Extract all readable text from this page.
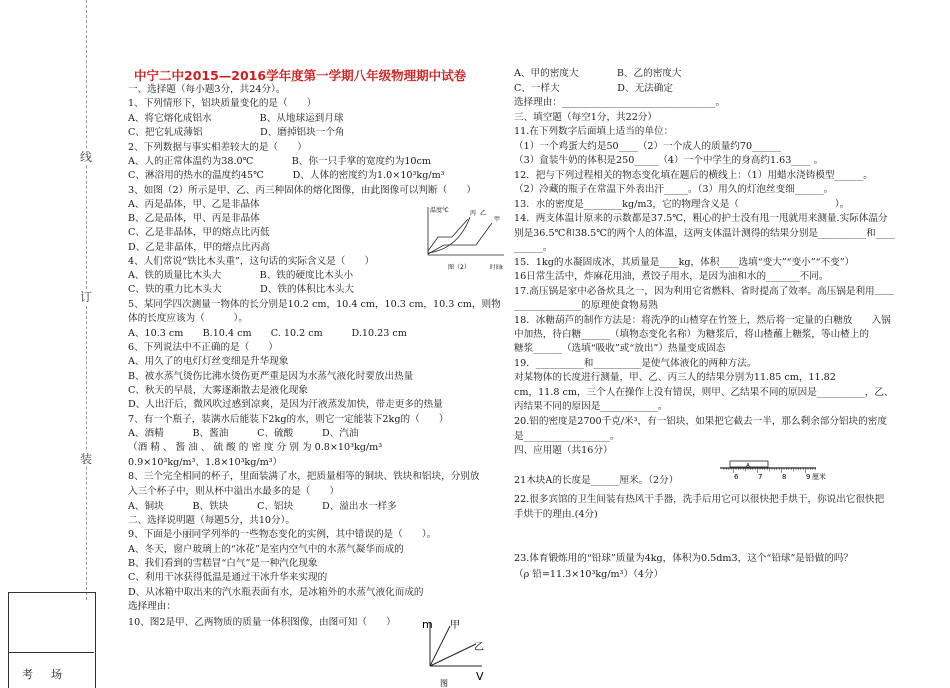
线
订
装
考场
中宁二中2015—2016学年度第一学期八年级物理期中试卷
一、选择题（每小题3分，共24分）。
1、下列情形下，铝块质量变化的是（　　）
A、将它熔化成铝水　　　　　B、从地球运到月球
C、把它轧成薄铝　　　　　　D、磨掉铝块一个角
2、下列数据与事实相差较大的是（　　）
A、人的正常体温约为38.0℃　　　　B、你一只手掌的宽度约为10cm
C、淋浴用的热水的温度约45℃　　　D、人体的密度约为1.0×10³kg/m³
3、如图（2）所示是甲、乙、丙三种固体的熔化图像，由此图像可以判断（　　）
A、丙是晶体，甲、乙是非晶体
B、乙是晶体，甲、丙是非晶体
C、乙是非晶体，甲的熔点比丙低
D、乙是非晶体，甲的熔点比丙高
4、人们常说“铁比木头重”，这句话的实际含义是（　　）
A、铁的质量比木头大　　　　B、铁的硬度比木头小
C、铁的重力比木头大　　　　D、铁的体积比木头大
5、某同学四次测量一物体的长分别是10.2 cm，10.4 cm，10.3 cm，10.3 cm，则物
体的长度应该为（　　　）。
A、10.3 cm　　B.10.4 cm　　C. 10.2 cm　　　D.10.23 cm
6、下列说法中不正确的是（　　）
A、用久了的电灯灯丝变细是升华现象
B、被水蒸气烫伤比沸水烫伤更严重是因为水蒸气液化时要放出热量
C、秋天的早晨，大雾逐渐散去是液化现象
D、人出汗后，微风吹过感到凉爽，是因为汗液蒸发加快，带走更多的热量
7、有一个瓶子，装满水后能装下2kg的水，则它一定能装下2kg的（　　）
A、酒精　　　B、酱油　　　C、硫酸　　　D、汽油
（酒 精 、 酱 油 、 硫 酸 的 密 度 分 别 为 0.8×10³kg/m³
0.9×10³kg/m³、1.8×10³kg/m³）
8、三个完全相同的杯子，里面装满了水，把质量相等的铜块、铁块和铝块，分别放
入三个杯子中，则从杯中溢出水最多的是（　　）
A、铜块　　　B、铁块　　　C、铝块　　　D、溢出水一样多
二、选择说明题（每题5分，共10分）。
9、下面是小丽同学列举的一些物态变化的实例，其中错误的是（　　）。
A、冬天，窗户玻璃上的“冰花”是室内空气中的水蒸气凝华而成的
B、我们看到的雪糕冒“白气”是一种汽化现象
C、利用干冰获得低温是通过干冰升华来实现的
D、从冰箱中取出来的汽水瓶表面有水，是冰箱外的水蒸气液化而成的
选择理由：
10、图2是甲、乙两物质的质量一体积图像，由图可知（　　）
A、甲的密度大　　　　B、乙的密度大
C、一样大　　　　　　D、无法确定
选择理由：________________________________。
三、填空题（每空1分，共22分）
11.在下列数字后面填上适当的单位：
（1）一个鸡蛋大约是50____（2）一个成人的质量约70______
（3）盒装牛奶的体积是250_____（4）一个中学生的身高约1.63____ 。
12．把与下列过程相关的物态变化填在题后的横线上：（1）用蜡水浇铸模型______。
（2）冷藏的瓶子在常温下外表出汗_____。（3）用久的灯泡丝变细______。
13．水的密度是________kg/m3，它的物理含义是（　　　　　　　　　　）。
14．两支体温计原来的示数都是37.5℃，粗心的护士没有甩一甩就用来测量.实际体温分
别是36.5℃和38.5℃的两个人的体温，这两支体温计测得的结果分别是__________和____
______。
15．1kg的水凝固成冰，其质量是____kg，体积____选填“变大”“变小”“不变”）
16日常生活中，炸麻花用油，煮饺子用水，是因为油和水的_______不同。
17.高压锅是家中必备炊具之一，因为利用它省燃料、省时提高了效率。高压锅是利用＿＿
______________的原理使食物易熟
18．冰糖葫芦的制作方法是：将洗净的山楂穿在竹签上，然后将一定量的白糖放　　入锅
中加热，待白糖______（填物态变化名称）为糖浆后，将山楂蘸上糖浆，等山楂上的
糖浆______（选填“吸收”或“放出”）热量变成固态
19．__________和__________是使气体液化的两种方法。
对某物体的长度进行测量，甲、乙、丙三人的结果分别为11.85 cm，11.82
cm，11.8 cm，三个人在操作上没有错误，则甲、乙结果不同的原因是__________，乙、
丙结果不同的原因是____________。
20.铝的密度是2700千克/米³，有一铝块，如果把它截去一半，那么剩余部分铝块的密度
是__________________。
四、应用题（共16分）
21木块A的长度是______厘米。（2分）
22.很多宾馆的卫生间装有热风干手器，洗手后用它可以很快把手烘干，你说出它很快把
手烘干的理由.(4分)
23.体育锻炼用的“铅球”质量为4kg，体积为0.5dm3，这个“铅球”是铅做的吗？
（ρ 铅=11.3×10³kg/m³）（4分）
温度℃	丙 乙
甲
图（2）	时间t
m 甲
乙
V
图
A
6	7	8	9 厘米
